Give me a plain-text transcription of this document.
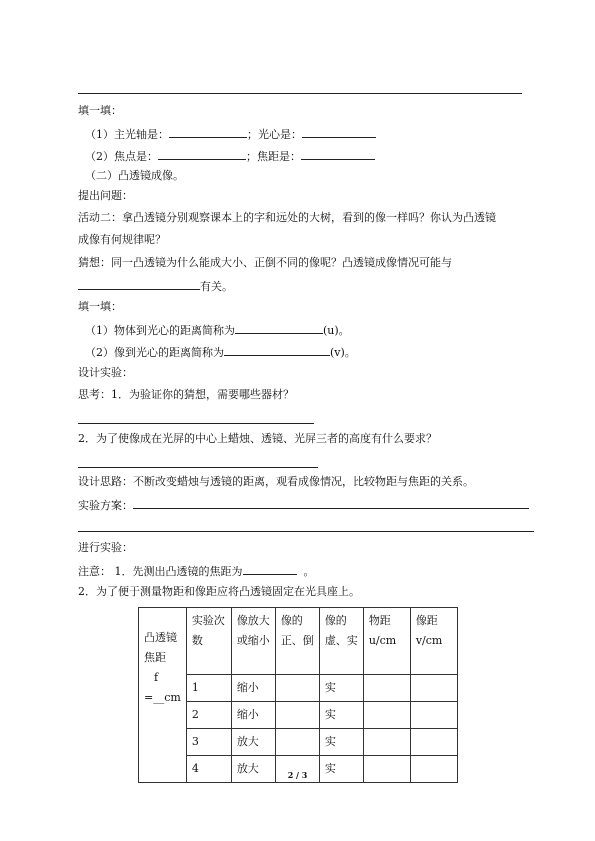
填一填：
（1）主光轴是：	；光心是：
（2）焦点是：	；焦距是：
（二）凸透镜成像。
提出问题：
活动二：拿凸透镜分别观察课本上的字和远处的大树，看到的像一样吗？你认为凸透镜
成像有何规律呢？
猜想：同一凸透镜为什么能成大小、正倒不同的像呢？凸透镜成像情况可能与
有关。
填一填：
（1）物体到光心的距离简称为	(u)。
（2）像到光心的距离简称为	(v)。
设计实验：
思考：1．为验证你的猜想，需要哪些器材？
2．为了使像成在光屏的中心上蜡烛、透镜、光屏三者的高度有什么要求？
设计思路：不断改变蜡烛与透镜的距离，观看成像情况，比较物距与焦距的关系。
实验方案：
进行实验：
注意： 1．先测出凸透镜的焦距为	。
2．为了便于测量物距和像距应将凸透镜固定在光具座上。
凸透镜
焦距
f
=__cm	实验次数	像放大或缩小	像的正、倒	像的虚、实	物距u/cm	像距v/cm
	1	缩小		实		
	2	缩小		实		
	3	放大		实		
	4	放大		实		
2 / 3
